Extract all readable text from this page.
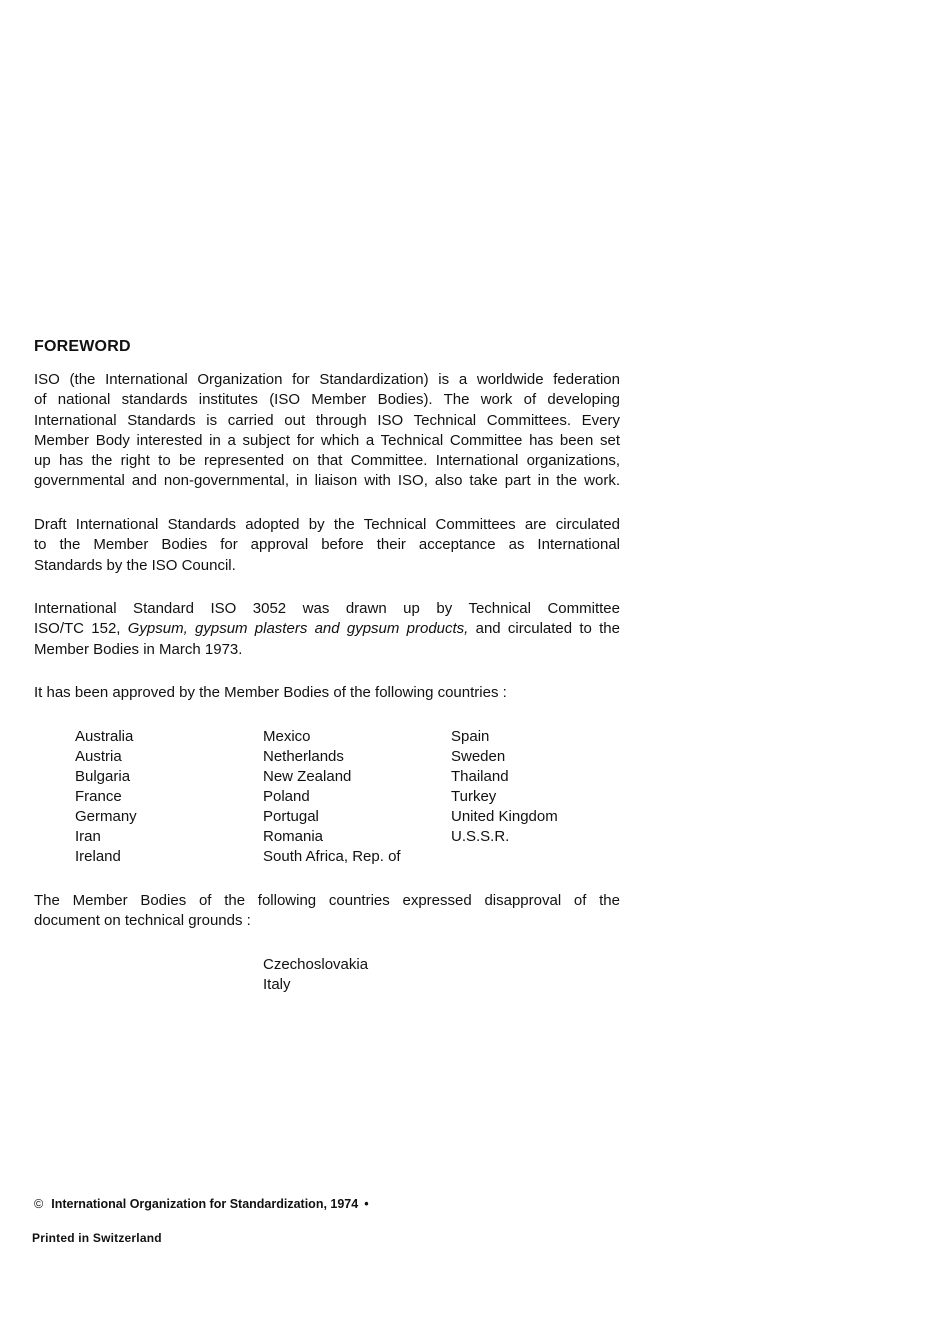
FOREWORD

ISO (the International Organization for Standardization) is a worldwide federation
of national standards institutes (ISO Member Bodies). The work of developing
International Standards is carried out through ISO Technical Committees. Every
Member Body interested in a subject for which a Technical Committee has been set
up has the right to be represented on that Committee. International organizations,
governmental and non-governmental, in liaison with ISO, also take part in the work.

Draft International Standards adopted by the Technical Committees are circulated
to the Member Bodies for approval before their acceptance as International
Standards by the ISO Council.

International Standard ISO 3052 was drawn up by Technical Committee
ISO/TC 152, Gypsum, gypsum plasters and gypsum products, and circulated to the
Member Bodies in March 1973.

It has been approved by the Member Bodies of the following countries :

Australia
Austria
Bulgaria
France
Germany
Iran
Ireland
Mexico
Netherlands
New Zealand
Poland
Portugal
Romania
South Africa, Rep. of
Spain
Sweden
Thailand
Turkey
United Kingdom
U.S.S.R.

The Member Bodies of the following countries expressed disapproval of the
document on technical grounds :

Czechoslovakia
Italy
© International Organization for Standardization, 1974 •
Printed in Switzerland
